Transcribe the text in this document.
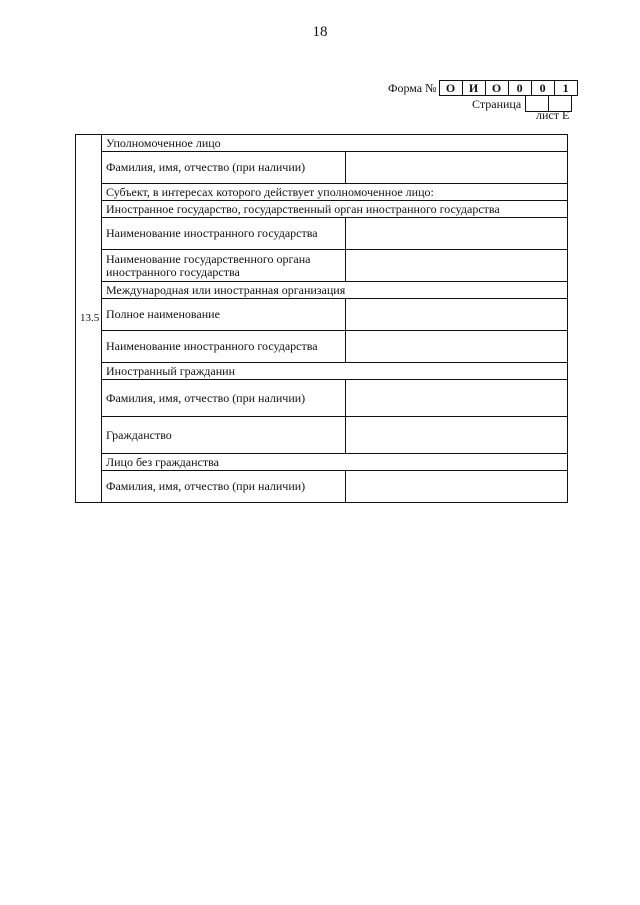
18
Форма № О	И	О	0	0	1
Страница
лист Е
13.5	Уполномоченное лицо	
	Фамилия, имя, отчество (при наличии)	
	Субъект, в интересах которого действует уполномоченное лицо:	
	Иностранное государство, государственный орган иностранного государства	
	Наименование иностранного государства	
	Наименование государственного органа иностранного государства	
	Международная или иностранная организация	
	Полное наименование	
	Наименование иностранного государства	
	Иностранный гражданин	
	Фамилия, имя, отчество (при наличии)	
	Гражданство	
	Лицо без гражданства	
	Фамилия, имя, отчество (при наличии)	
